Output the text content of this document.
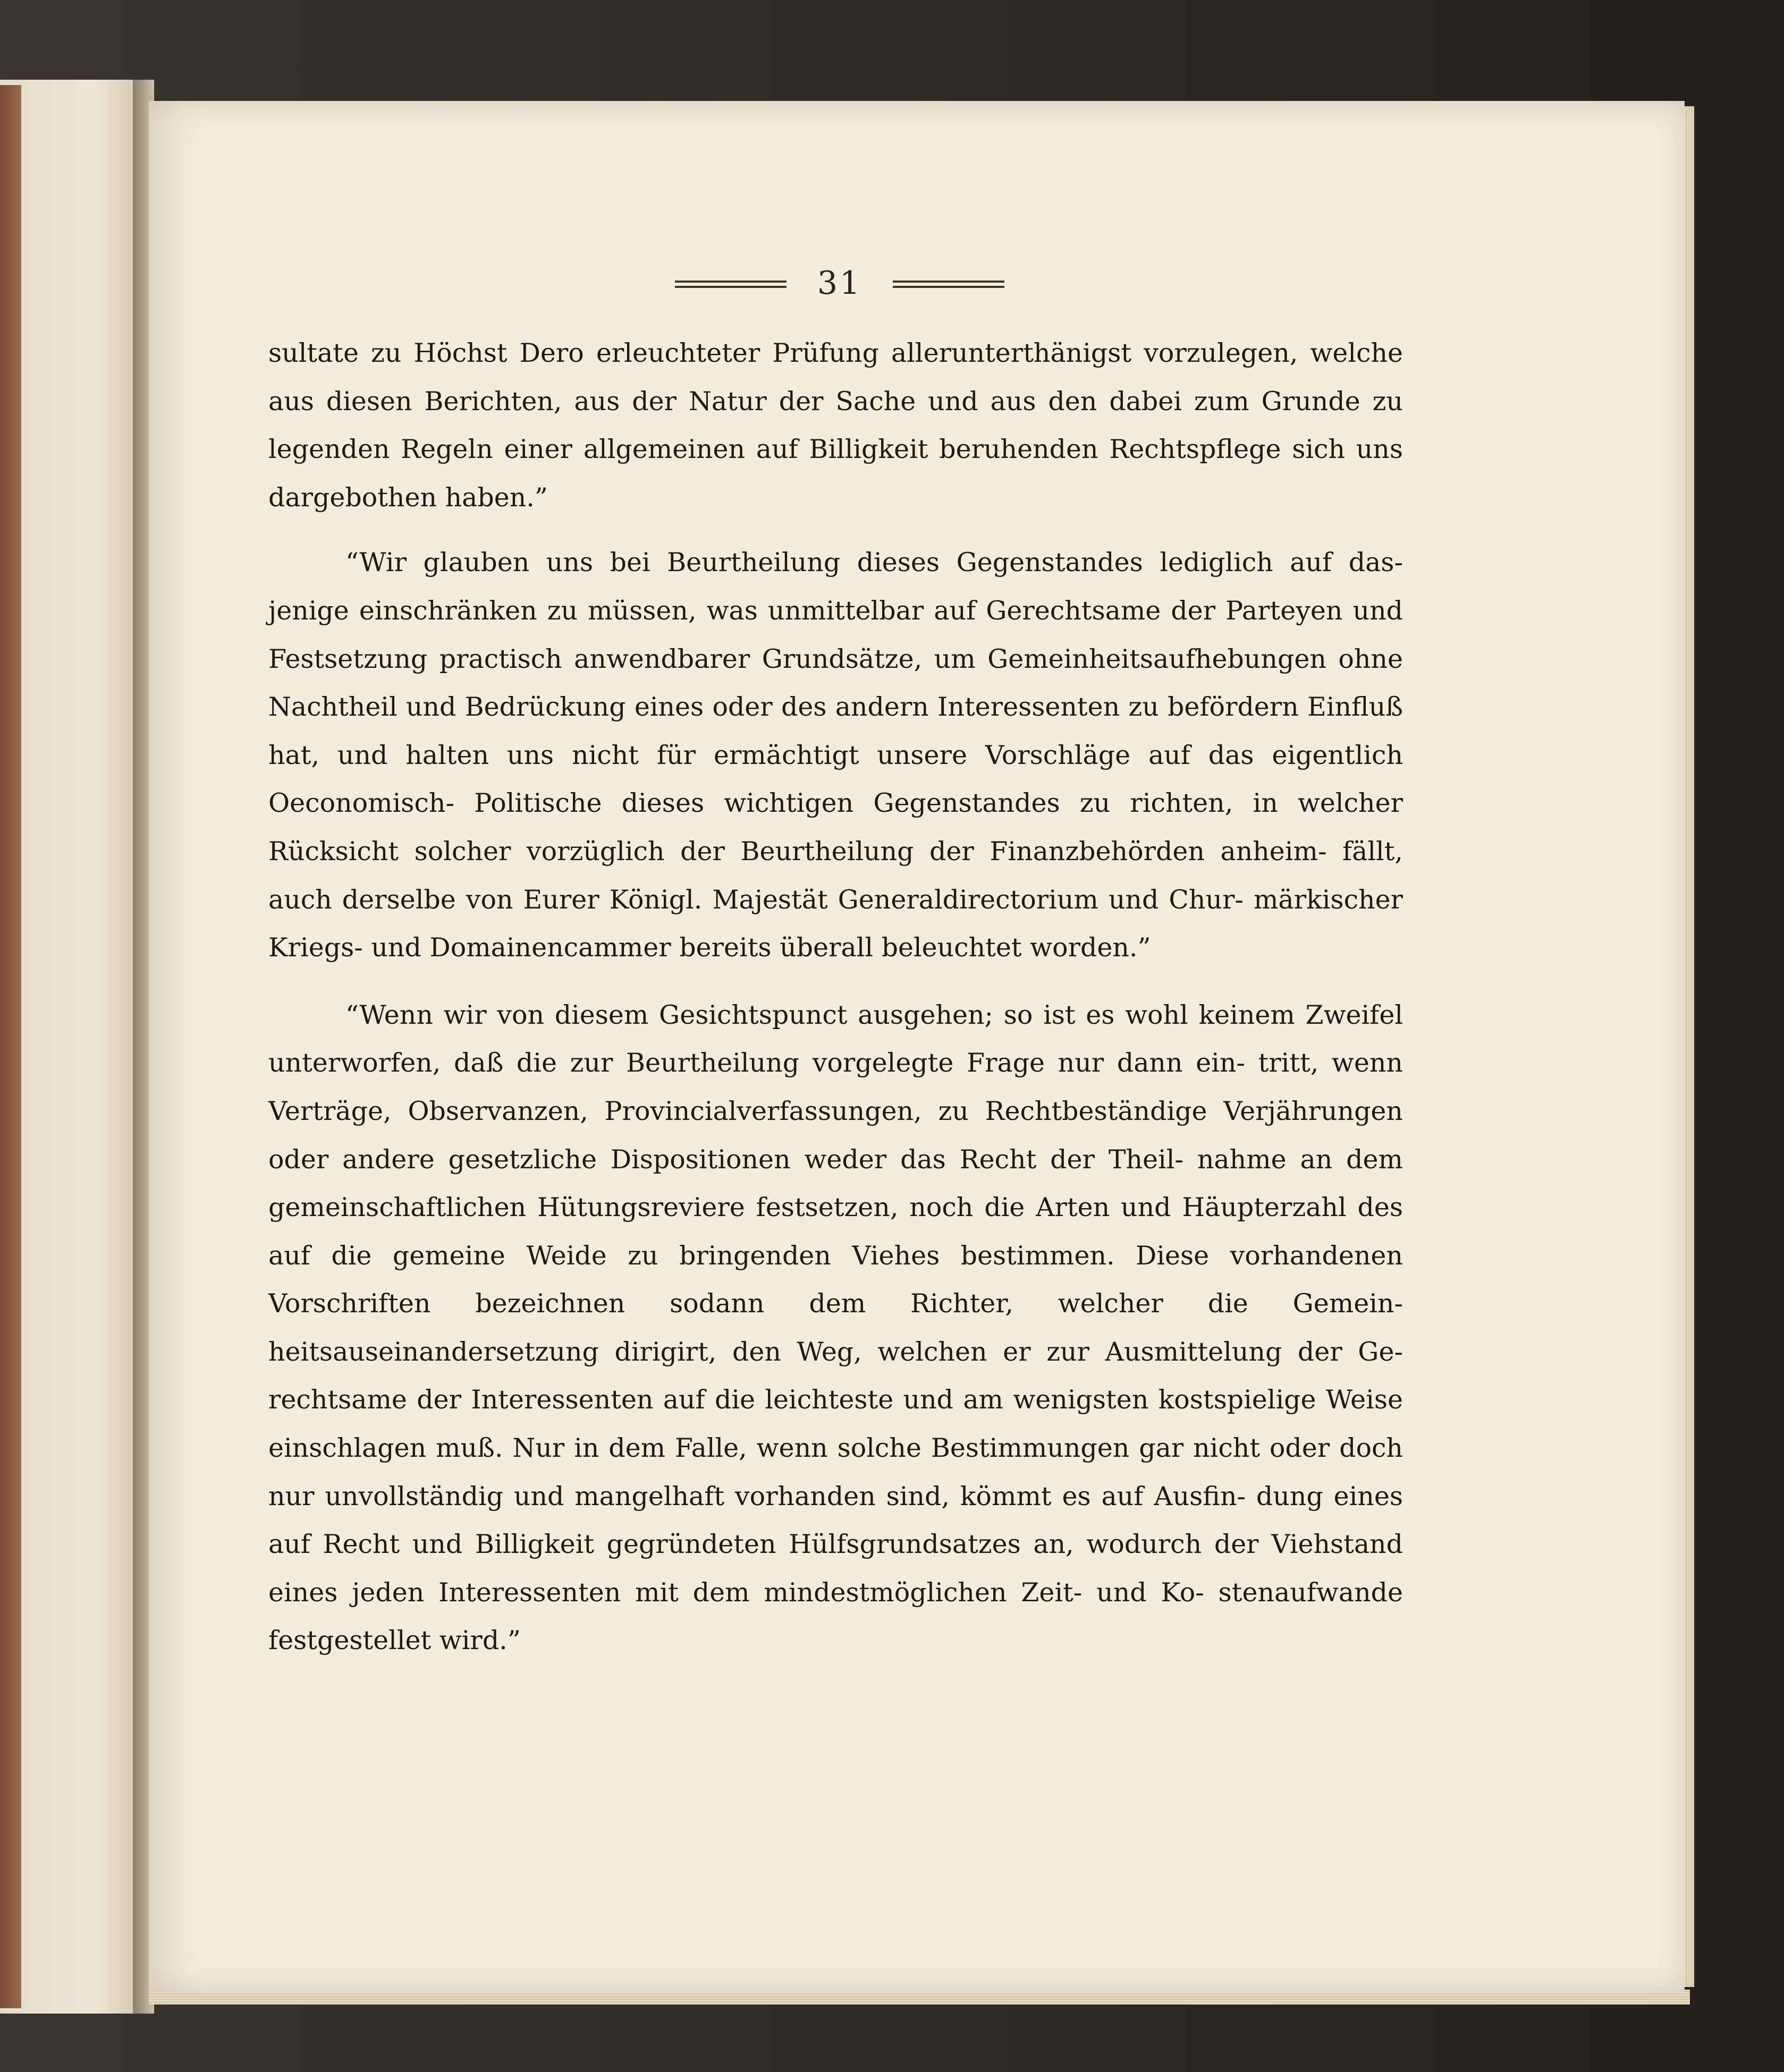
31

sultate zu Höchst Dero erleuchteter Prüfung allerunterthänigst vorzulegen, welche aus diesen Berichten, aus der Natur der Sache und aus den dabei zum Grunde zu legenden Regeln einer allgemeinen auf Billigkeit beruhenden Rechtspflege sich uns dargebothen haben.”

“Wir glauben uns bei Beurtheilung dieses Gegenstandes lediglich auf das- jenige einschränken zu müssen, was unmittelbar auf Gerechtsame der Parteyen und Festsetzung practisch anwendbarer Grundsätze, um Gemeinheitsaufhebungen ohne Nachtheil und Bedrückung eines oder des andern Interessenten zu befördern Einfluß hat, und halten uns nicht für ermächtigt unsere Vorschläge auf das eigentlich Oeconomisch- Politische dieses wichtigen Gegenstandes zu richten, in welcher Rücksicht solcher vorzüglich der Beurtheilung der Finanzbehörden anheim- fällt, auch derselbe von Eurer Königl. Majestät Generaldirectorium und Chur- märkischer Kriegs- und Domainencammer bereits überall beleuchtet worden.”

“Wenn wir von diesem Gesichtspunct ausgehen; so ist es wohl keinem Zweifel unterworfen, daß die zur Beurtheilung vorgelegte Frage nur dann ein- tritt, wenn Verträge, Observanzen, Provincialverfassungen, zu Rechtbeständige Verjährungen oder andere gesetzliche Dispositionen weder das Recht der Theil- nahme an dem gemeinschaftlichen Hütungsreviere festsetzen, noch die Arten und Häupterzahl des auf die gemeine Weide zu bringenden Viehes bestimmen. Diese vorhandenen Vorschriften bezeichnen sodann dem Richter, welcher die Gemein- heitsauseinandersetzung dirigirt, den Weg, welchen er zur Ausmittelung der Ge- rechtsame der Interessenten auf die leichteste und am wenigsten kostspielige Weise einschlagen muß. Nur in dem Falle, wenn solche Bestimmungen gar nicht oder doch nur unvollständig und mangelhaft vorhanden sind, kömmt es auf Ausfin- dung eines auf Recht und Billigkeit gegründeten Hülfsgrundsatzes an, wodurch der Viehstand eines jeden Interessenten mit dem mindestmöglichen Zeit- und Ko- stenaufwande festgestellet wird.”
